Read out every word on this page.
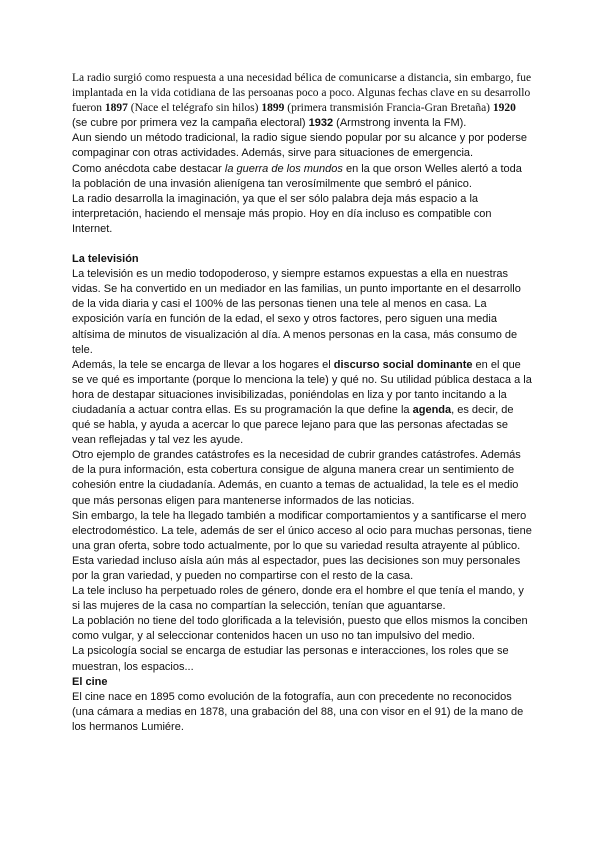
La radio surgió como respuesta a una necesidad bélica de comunicarse a distancia, sin embargo, fue implantada en la vida cotidiana de las persoanas poco a poco. Algunas fechas clave en su desarrollo fueron 1897 (Nace el telégrafo sin hilos) 1899 (primera transmisión Francia-Gran Bretaña) 1920 (se cubre por primera vez la campaña electoral) 1932 (Armstrong inventa la FM).

Aun siendo un método tradicional, la radio sigue siendo popular por su alcance y por poderse compaginar con otras actividades. Además, sirve para situaciones de emergencia.

Como anécdota cabe destacar la guerra de los mundos en la que orson Welles alertó a toda la población de una invasión alienígena tan verosímilmente que sembró el pánico.

La radio desarrolla la imaginación, ya que el ser sólo palabra deja más espacio a la interpretación, haciendo el mensaje más propio. Hoy en día incluso es compatible con Internet.

La televisión

La televisión es un medio todopoderoso, y siempre estamos expuestas a ella en nuestras vidas. Se ha convertido en un mediador en las familias, un punto importante en el desarrollo de la vida diaria y casi el 100% de las personas tienen una tele al menos en casa. La exposición varía en función de la edad, el sexo y otros factores, pero siguen una media altísima de minutos de visualización al día. A menos personas en la casa, más consumo de tele.

Además, la tele se encarga de llevar a los hogares el discurso social dominante en el que se ve qué es importante (porque lo menciona la tele) y qué no. Su utilidad pública destaca a la hora de destapar situaciones invisibilizadas, poniéndolas en liza y por tanto incitando a la ciudadanía a actuar contra ellas. Es su programación la que define la agenda, es decir, de qué se habla, y ayuda a acercar lo que parece lejano para que las personas afectadas se vean reflejadas y tal vez les ayude.

Otro ejemplo de grandes catástrofes es la necesidad de cubrir grandes catástrofes. Además de la pura información, esta cobertura consigue de alguna manera crear un sentimiento de cohesión entre la ciudadanía. Además, en cuanto a temas de actualidad, la tele es el medio que más personas eligen para mantenerse informados de las noticias.

Sin embargo, la tele ha llegado también a modificar comportamientos y a santificarse el mero electrodoméstico. La tele, además de ser el único acceso al ocio para muchas personas, tiene una gran oferta, sobre todo actualmente, por lo que su variedad resulta atrayente al público. Esta variedad incluso aísla aún más al espectador, pues las decisiones son muy personales por la gran variedad, y pueden no compartirse con el resto de la casa.

La tele incluso ha perpetuado roles de género, donde era el hombre el que tenía el mando, y si las mujeres de la casa no compartían la selección, tenían que aguantarse.

La población no tiene del todo glorificada a la televisión, puesto que ellos mismos la conciben como vulgar, y al seleccionar contenidos hacen un uso no tan impulsivo del medio.

La psicología social se encarga de estudiar las personas e interacciones, los roles que se muestran, los espacios...

El cine

El cine nace en 1895 como evolución de la fotografía, aun con precedente no reconocidos (una cámara a medias en 1878, una grabación del 88, una con visor en el 91) de la mano de los hermanos Lumiére.
